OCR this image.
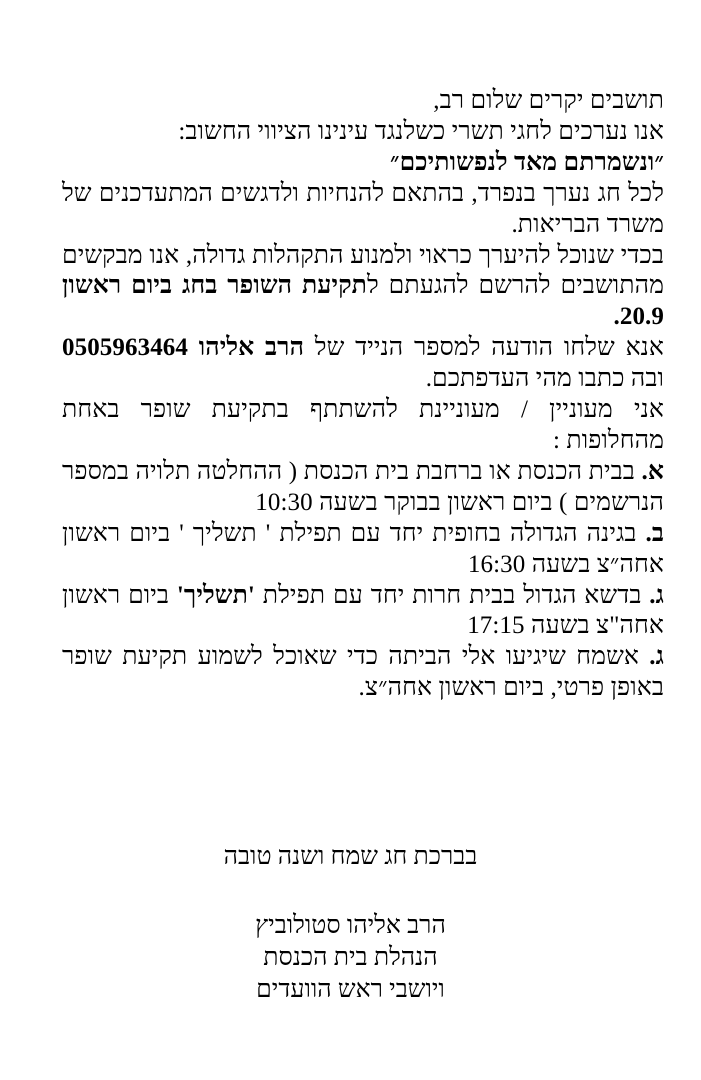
תושבים יקרים שלום רב,

אנו נערכים לחגי תשרי כשלנגד עינינו הציווי החשוב:

״ונשמרתם מאד לנפשותיכם״

לכל חג נערך בנפרד, בהתאם להנחיות ולדגשים המתעדכנים של משרד הבריאות.

בכדי שנוכל להיערך כראוי ולמנוע התקהלות גדולה, אנו מבקשים מהתושבים להרשם להגעתם לתקיעת השופר בחג ביום ראשון 20.9.

אנא שלחו הודעה למספר הנייד של הרב אליהו 0505963464 ובה כתבו מהי העדפתכם.

אני מעוניין / מעוניינת להשתתף בתקיעת שופר באחת מהחלופות :

א. בבית הכנסת או ברחבת בית הכנסת ( ההחלטה תלויה במספר הנרשמים ) ביום ראשון בבוקר בשעה 10:30

ב. בגינה הגדולה בחופית יחד עם תפילת ' תשליך ' ביום ראשון אחה״צ בשעה 16:30

ג. בדשא הגדול בבית חרות יחד עם תפילת 'תשליך' ביום ראשון אחה"צ בשעה 17:15

ג. אשמח שיגיעו אלי הביתה כדי שאוכל לשמוע תקיעת שופר באופן פרטי, ביום ראשון אחה״צ.

בברכת חג שמח ושנה טובה

הרב אליהו סטולוביץ

הנהלת בית הכנסת

ויושבי ראש הוועדים
